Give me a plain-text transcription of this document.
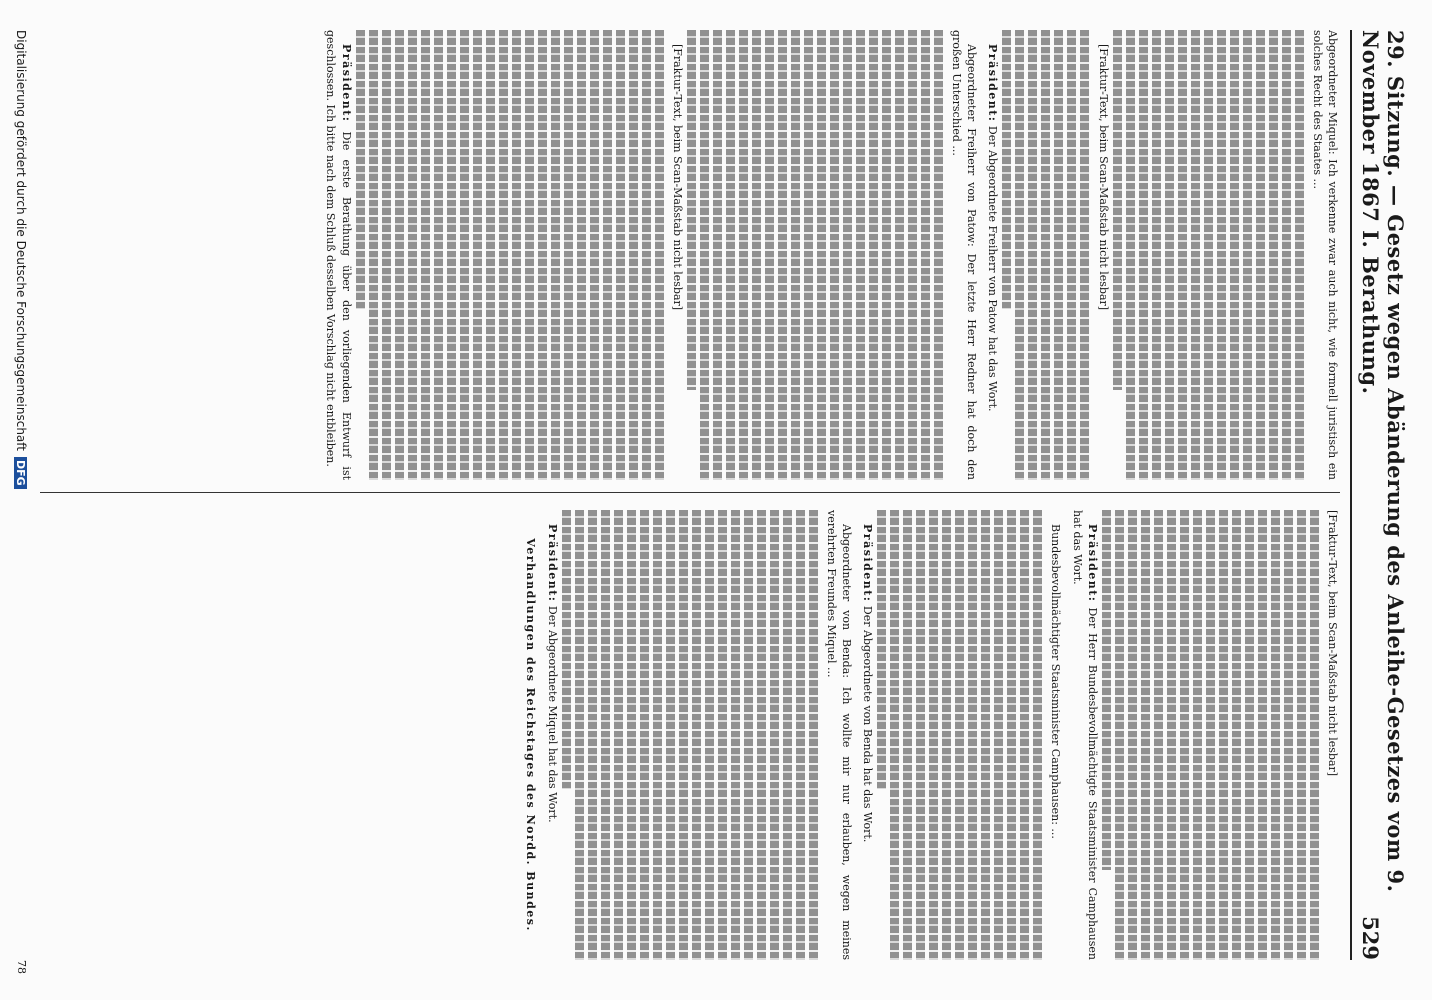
29. Sitzung. — Gesetz wegen Abänderung des Anleihe-Gesetzes vom 9. November 1867 I. Berathung.
529
Abgeordneter Miquel: Ich verkenne zwar auch nicht, wie formell juristisch ein solches Recht des Staates ...
[Fraktur-Text, beim Scan-Maßstab nicht lesbar]
Präsident: Der Abgeordnete Freiherr von Patow hat das Wort.
Abgeordneter Freiherr von Patow: Der letzte Herr Redner hat doch den großen Unterschied ...
[Fraktur-Text, beim Scan-Maßstab nicht lesbar]
Präsident: Die erste Berathung über den vorliegenden Entwurf ist geschlossen. Ich bitte nach dem Schluß desselben Vorschlag nicht entbleiben.
[Fraktur-Text, beim Scan-Maßstab nicht lesbar]
Präsident: Der Herr Bundesbevollmächtigte Staatsminister Camphausen hat das Wort.
Bundesbevollmächtigter Staatsminister Camphausen: ...
Präsident: Der Abgeordnete von Benda hat das Wort.
Abgeordneter von Benda: Ich wollte mir nur erlauben, wegen meines verehrten Freundes Miquel ...
Präsident: Der Abgeordnete Miquel hat das Wort.
Verhandlungen des Reichstages des Nordd. Bundes.
Digitalisierung gefördert durch die Deutsche Forschungsgemeinschaft
DFG
78
